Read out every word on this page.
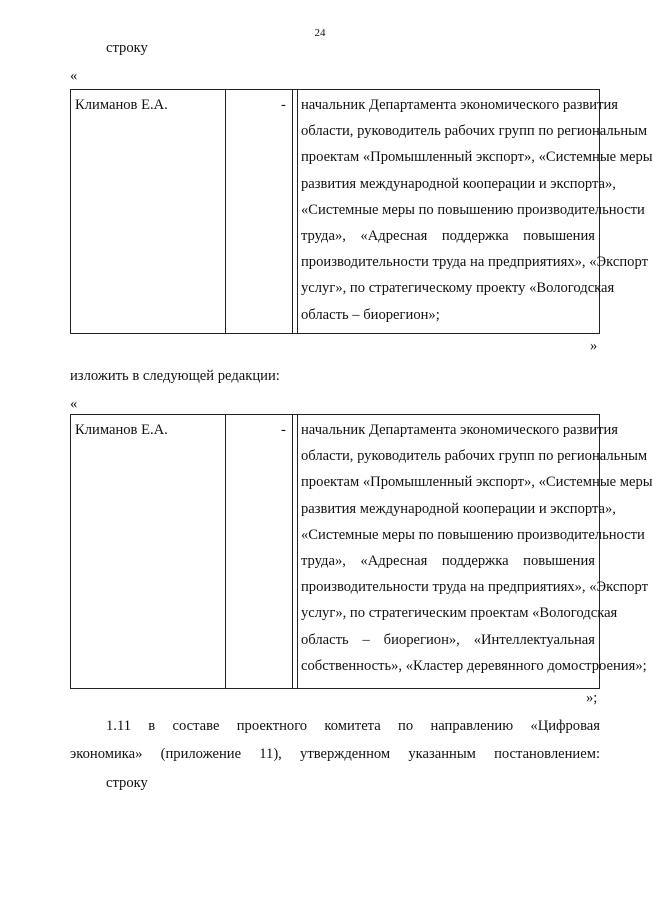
24
строку
«
Климанов Е.А.	-	начальник Департамента экономического развития
области, руководитель рабочих групп по региональным
проектам «Промышленный экспорт», «Системные меры
развития международной кооперации и экспорта»,
«Системные меры по повышению производительности
труда», «Адресная поддержка повышения
производительности труда на предприятиях», «Экспорт
услуг», по стратегическому проекту «Вологодская
область – биорегион»;
»
изложить в следующей редакции:
«
Климанов Е.А.	-	начальник Департамента экономического развития
области, руководитель рабочих групп по региональным
проектам «Промышленный экспорт», «Системные меры
развития международной кооперации и экспорта»,
«Системные меры по повышению производительности
труда», «Адресная поддержка повышения
производительности труда на предприятиях», «Экспорт
услуг», по стратегическим проектам «Вологодская
область – биорегион», «Интеллектуальная
собственность», «Кластер деревянного домостроения»;
»;
1.11 в составе проектного комитета по направлению «Цифровая
экономика» (приложение 11), утвержденном указанным постановлением:
строку
